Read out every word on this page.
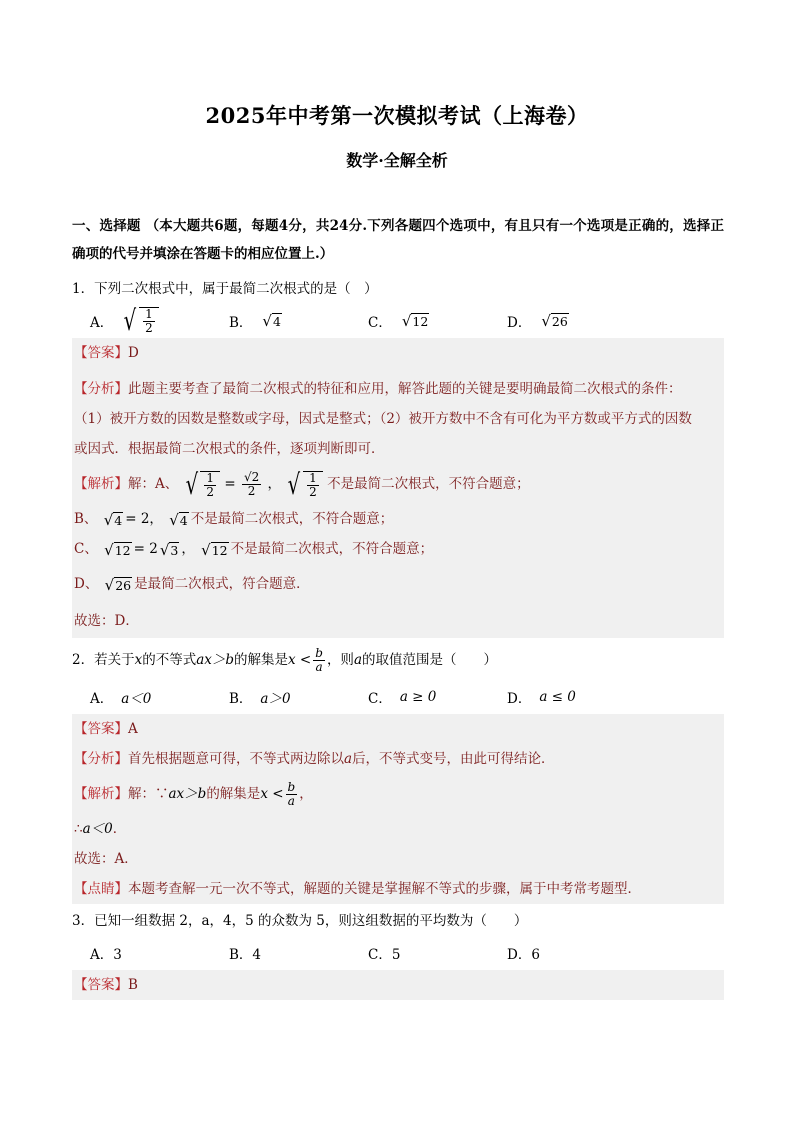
2025年中考第一次模拟考试（上海卷）
数学·全解全析
一、选择题 （本大题共6题，每题4分，共24分.下列各题四个选项中，有且只有一个选项是正确的，选择正确项的代号并填涂在答题卡的相应位置上.）
1．下列二次根式中，属于最简二次根式的是（　）
A． √ $\frac{1}{2}$	B． √ 4	C． √ 12	D． √ 26
【答案】D
【分析】此题主要考查了最简二次根式的特征和应用，解答此题的关键是要明确最简二次根式的条件：
（1）被开方数的因数是整数或字母，因式是整式；（2）被开方数中不含有可化为平方数或平方式的因数
或因式．根据最简二次根式的条件，逐项判断即可．
【解析】解：A、 √ $\frac{1}{2} = \frac{√2}{2}$ ， √ $\frac{1}{2}$ 不是最简二次根式，不符合题意；
B、 √ 4 = 2， √ 4 不是最简二次根式，不符合题意；
C、 √ 12 = 2 √ 3 ， √ 12 不是最简二次根式，不符合题意；
D、 √ 26 是最简二次根式，符合题意．
故选：D．
2．若关于x的不等式ax＞b的解集是$x < \frac{b}{a}$ ，则a的取值范围是（　　）
A． a＜0	B． a＞0	C． a ≥ 0	D． a ≤ 0
【答案】A
【分析】首先根据题意可得，不等式两边除以a后，不等式变号，由此可得结论．
【解析】解：∵ax＞b的解集是$x < \frac{b}{a}$ ，
∴a＜0．
故选：A．
【点睛】本题考查解一元一次不等式，解题的关键是掌握解不等式的步骤，属于中考常考题型．
3．已知一组数据 2，a，4，5 的众数为 5，则这组数据的平均数为（　　）
A．3	B．4	C．5	D．6
【答案】B
